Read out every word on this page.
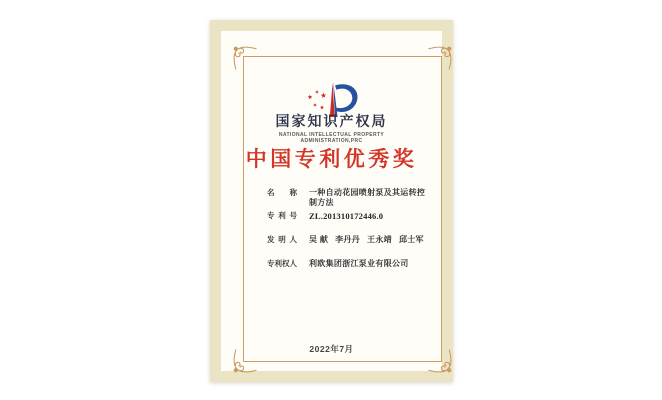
国家知识产权局
NATIONAL INTELLECTUAL PROPERTY
ADMINISTRATION,PRC
中国专利优秀奖
名称 一种自动花园喷射泵及其运转控制方法
专利号 ZL.201310172446.0
发明人 吴 献 李丹丹 王永靖 邱士军
专利权人 利欧集团浙江泵业有限公司
2022年7月
